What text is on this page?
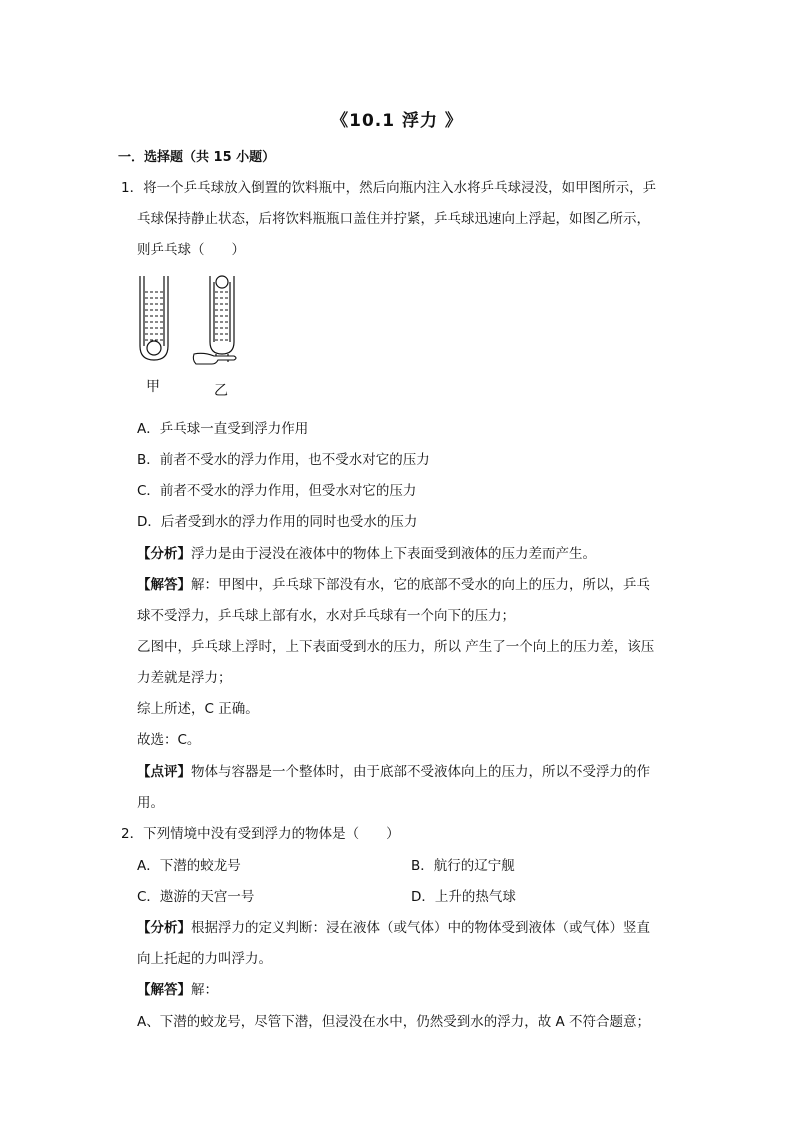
《10.1 浮力 》
一．选择题（共 15 小题）
1．将一个乒乓球放入倒置的饮料瓶中，然后向瓶内注入水将乒乓球浸没，如甲图所示，乒
乓球保持静止状态，后将饮料瓶瓶口盖住并拧紧，乒乓球迅速向上浮起，如图乙所示，
则乒乓球（　　）
甲	乙
A．乒乓球一直受到浮力作用
B．前者不受水的浮力作用，也不受水对它的压力
C．前者不受水的浮力作用，但受水对它的压力
D．后者受到水的浮力作用的同时也受水的压力
【分析】浮力是由于浸没在液体中的物体上下表面受到液体的压力差而产生。
【解答】解：甲图中，乒乓球下部没有水，它的底部不受水的向上的压力，所以，乒乓
球不受浮力，乒乓球上部有水，水对乒乓球有一个向下的压力；
乙图中，乒乓球上浮时，上下表面受到水的压力，所以 产生了一个向上的压力差，该压
力差就是浮力；
综上所述，C 正确。
故选：C。
【点评】物体与容器是一个整体时，由于底部不受液体向上的压力，所以不受浮力的作
用。
2．下列情境中没有受到浮力的物体是（　　）
A．下潜的蛟龙号	B．航行的辽宁舰
C．遨游的天宫一号	D．上升的热气球
【分析】根据浮力的定义判断：浸在液体（或气体）中的物体受到液体（或气体）竖直
向上托起的力叫浮力。
【解答】解：
A、下潜的蛟龙号，尽管下潜，但浸没在水中，仍然受到水的浮力，故 A 不符合题意；
